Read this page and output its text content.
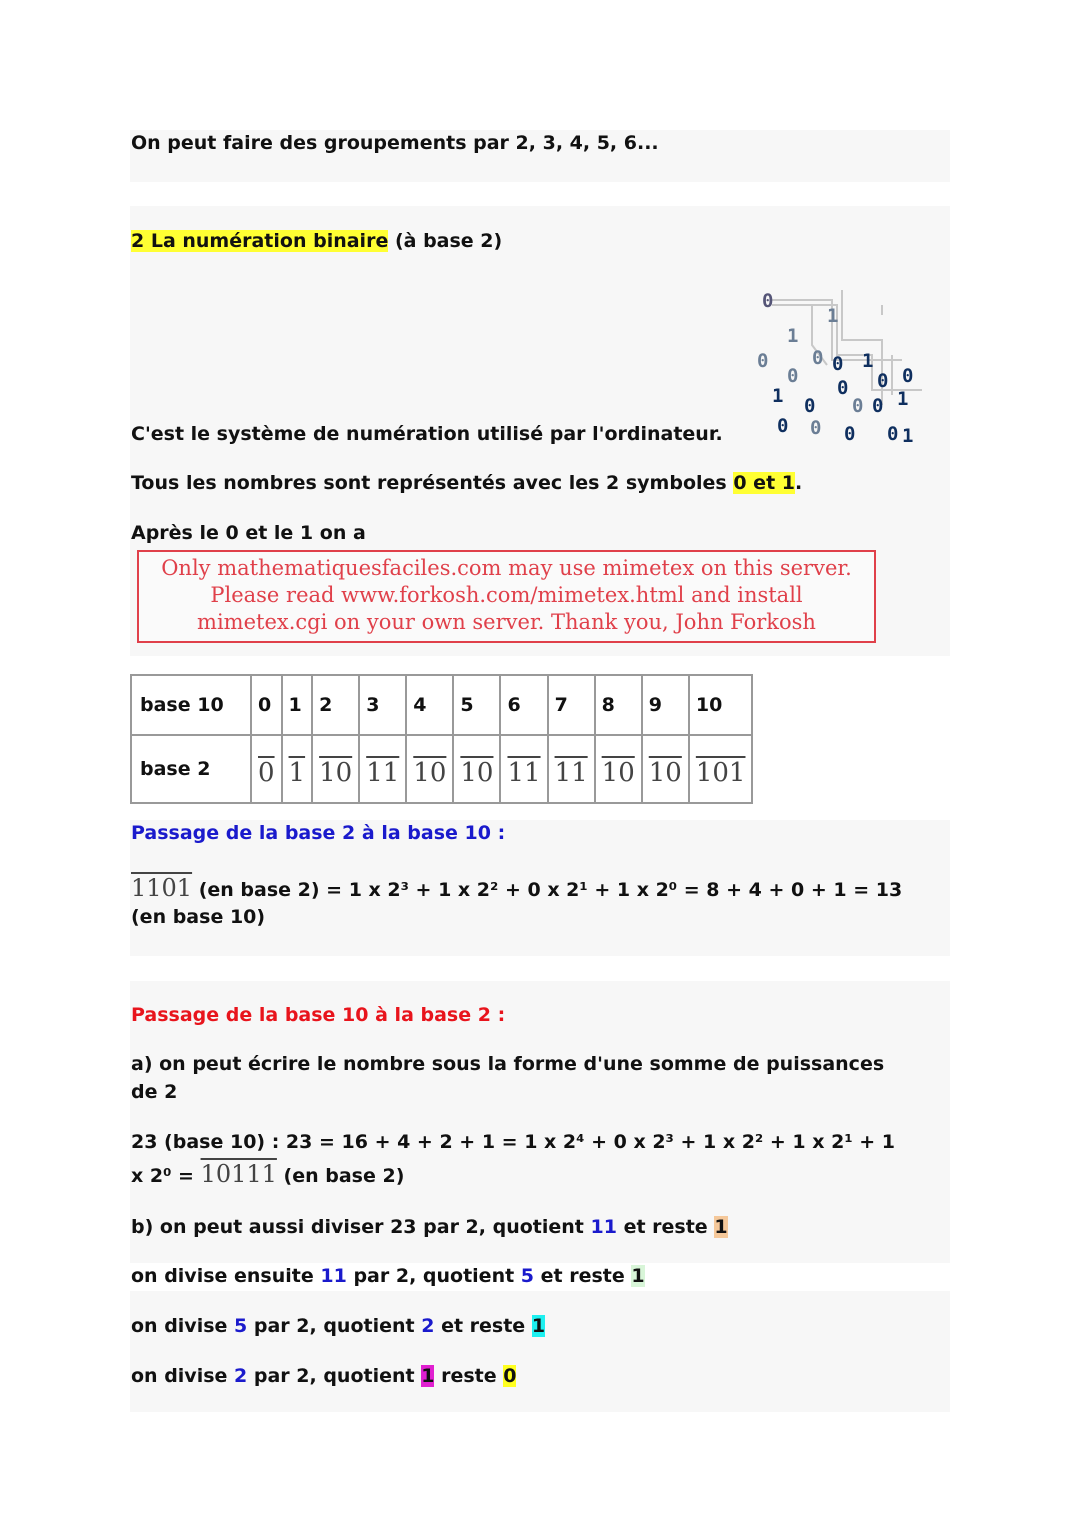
On peut faire des groupements par 2, 3, 4, 5, 6...
2 La numération binaire (à base 2)
0
1
1
0
0
0 0 1
0 0 0
1 0 0 0 1
0 0 0 0 1
C'est le système de numération utilisé par l'ordinateur.
Tous les nombres sont représentés avec les 2 symboles 0 et 1.
Après le 0 et le 1 on a
Only mathematiquesfaciles.com may use mimetex on this server.
Please read www.forkosh.com/mimetex.html and install
mimetex.cgi on your own server. Thank you, John Forkosh
base 10	0	1	2	3	4	5	6	7	8	9	10
base 2	0	1	10	11	10	10	11	11	10	10	101
Passage de la base 2 à la base 10 :
1101 (en base 2) = 1 x 2³ + 1 x 2² + 0 x 2¹ + 1 x 2⁰ = 8 + 4 + 0 + 1 = 13
(en base 10)
Passage de la base 10 à la base 2 :
a) on peut écrire le nombre sous la forme d'une somme de puissances
de 2
23 (base 10) : 23 = 16 + 4 + 2 + 1 = 1 x 2⁴ + 0 x 2³ + 1 x 2² + 1 x 2¹ + 1
x 2⁰ = 10111 (en base 2)
b) on peut aussi diviser 23 par 2, quotient 11 et reste 1
on divise ensuite 11 par 2, quotient 5 et reste 1
on divise 5 par 2, quotient 2 et reste 1
on divise 2 par 2, quotient 1 reste 0
